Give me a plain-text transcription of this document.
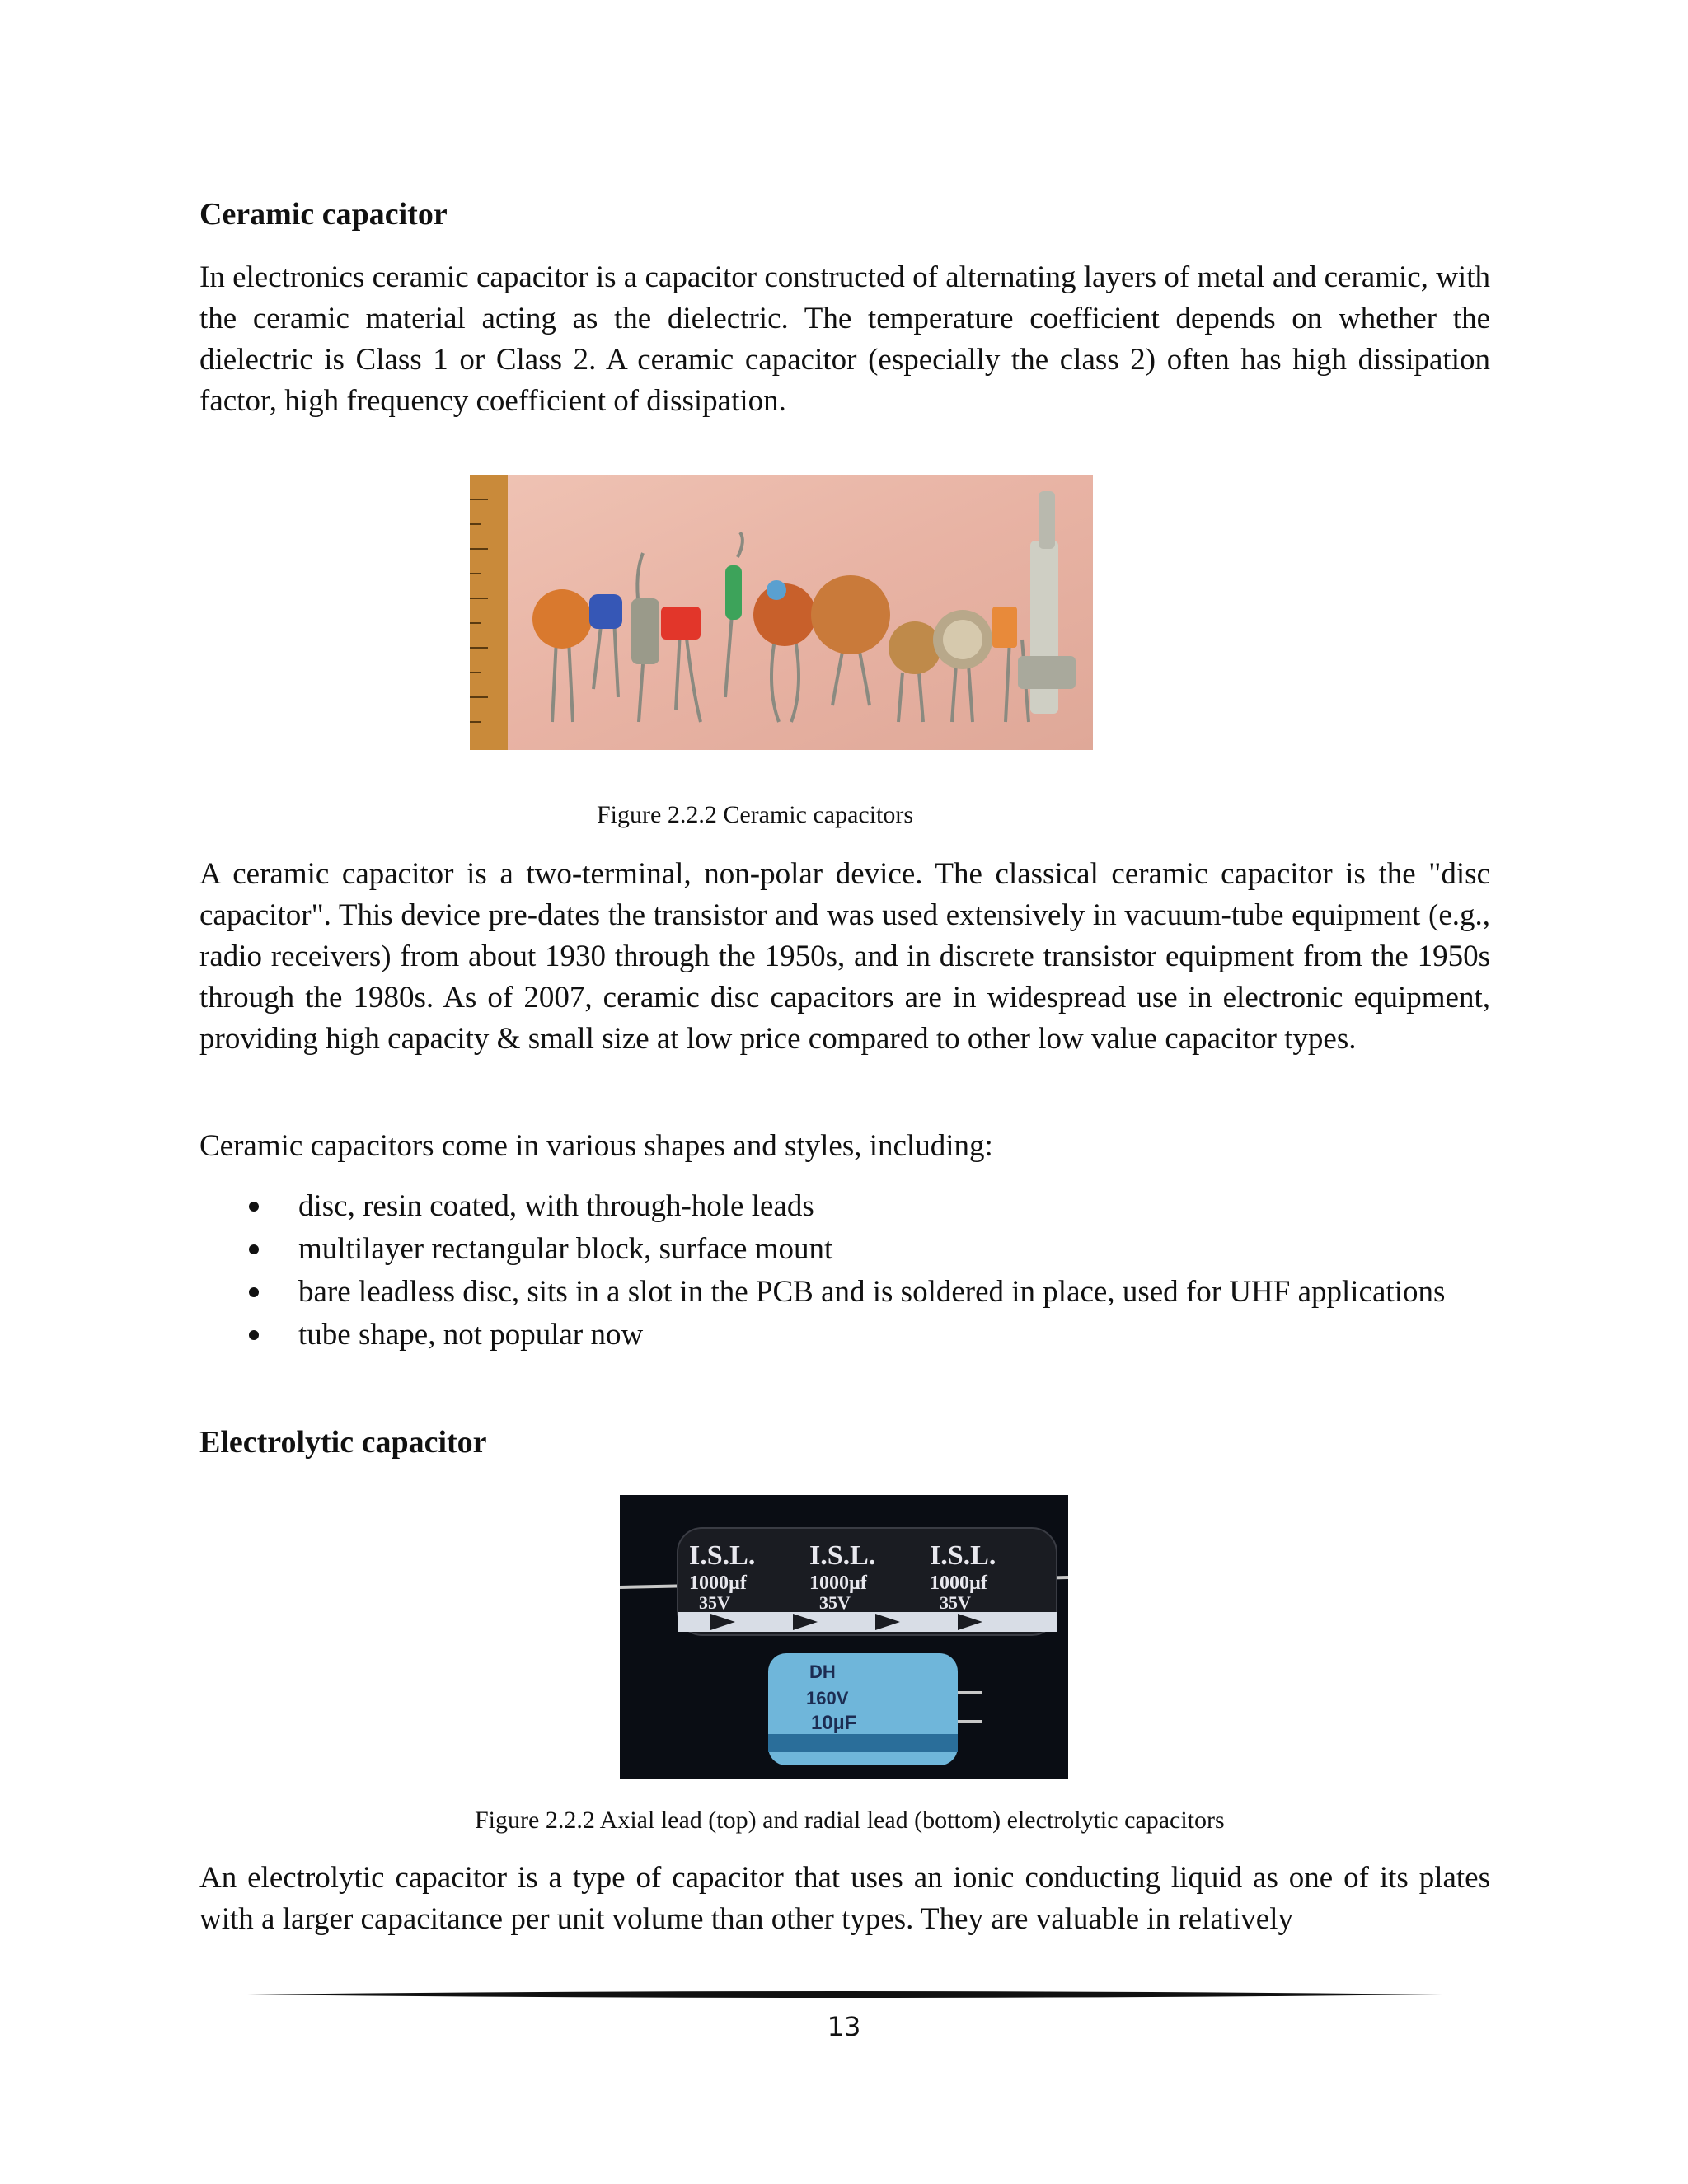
Ceramic capacitor

In electronics ceramic capacitor is a capacitor constructed of alternating layers of metal and ceramic, with the ceramic material acting as the dielectric. The temperature coefficient depends on whether the dielectric is Class 1 or Class 2. A ceramic capacitor (especially the class 2) often has high dissipation factor, high frequency coefficient of dissipation.

Figure 2.2.2 Ceramic capacitors

A ceramic capacitor is a two-terminal, non-polar device. The classical ceramic capacitor is the "disc capacitor". This device pre-dates the transistor and was used extensively in vacuum-tube equipment (e.g., radio receivers) from about 1930 through the 1950s, and in discrete transistor equipment from the 1950s through the 1980s. As of 2007, ceramic disc capacitors are in widespread use in electronic equipment, providing high capacity & small size at low price compared to other low value capacitor types.

Ceramic capacitors come in various shapes and styles, including:

disc, resin coated, with through-hole leads
multilayer rectangular block, surface mount
bare leadless disc, sits in a slot in the PCB and is soldered in place, used for UHF applications
tube shape, not popular now
Electrolytic capacitor
I.S.L. I.S.L. I.S.L.
1000µf	1000µf	1000µf
35V	35V	35V
DH
160V
10µF

Figure 2.2.2 Axial lead (top) and radial lead (bottom) electrolytic capacitors

An electrolytic capacitor is a type of capacitor that uses an ionic conducting liquid as one of its plates with a larger capacitance per unit volume than other types. They are valuable in relatively

13
